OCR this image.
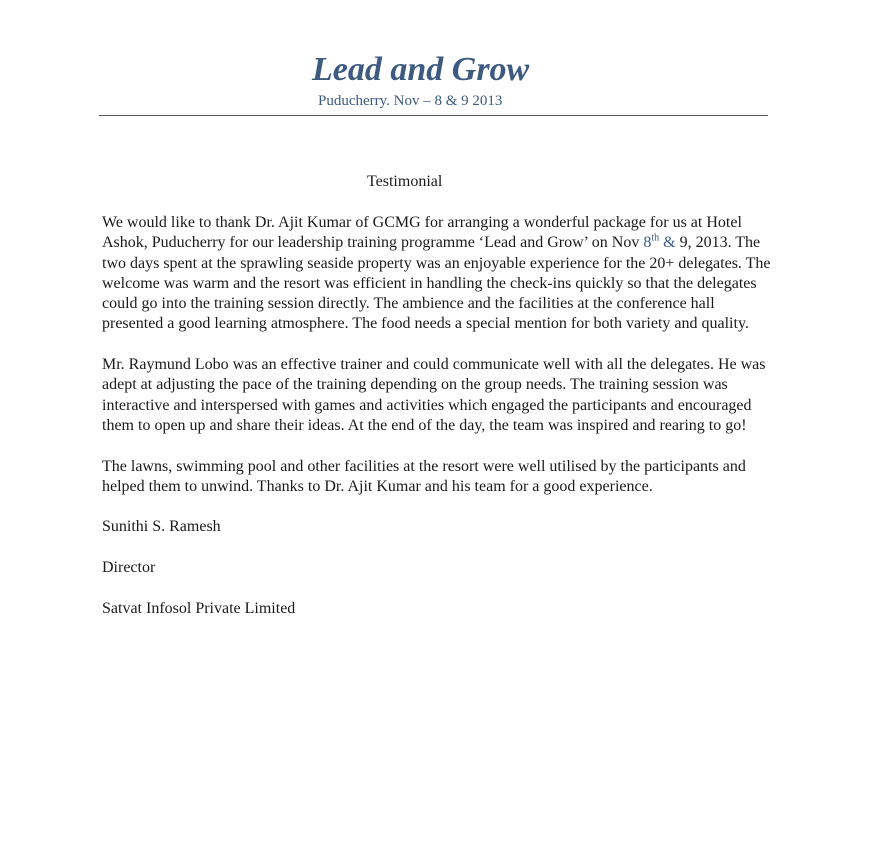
Lead and Grow
Puducherry. Nov – 8 & 9 2013
Testimonial

We would like to thank Dr. Ajit Kumar of GCMG for arranging a wonderful package for us at Hotel Ashok, Puducherry for our leadership training programme ‘Lead and Grow’ on Nov 8th & 9, 2013. The two days spent at the sprawling seaside property was an enjoyable experience for the 20+ delegates. The welcome was warm and the resort was efficient in handling the check-ins quickly so that the delegates could go into the training session directly. The ambience and the facilities at the conference hall presented a good learning atmosphere. The food needs a special mention for both variety and quality.

Mr. Raymund Lobo was an effective trainer and could communicate well with all the delegates. He was adept at adjusting the pace of the training depending on the group needs. The training session was interactive and interspersed with games and activities which engaged the participants and encouraged them to open up and share their ideas. At the end of the day, the team was inspired and rearing to go!

The lawns, swimming pool and other facilities at the resort were well utilised by the participants and helped them to unwind. Thanks to Dr. Ajit Kumar and his team for a good experience.

Sunithi S. Ramesh

Director

Satvat Infosol Private Limited
